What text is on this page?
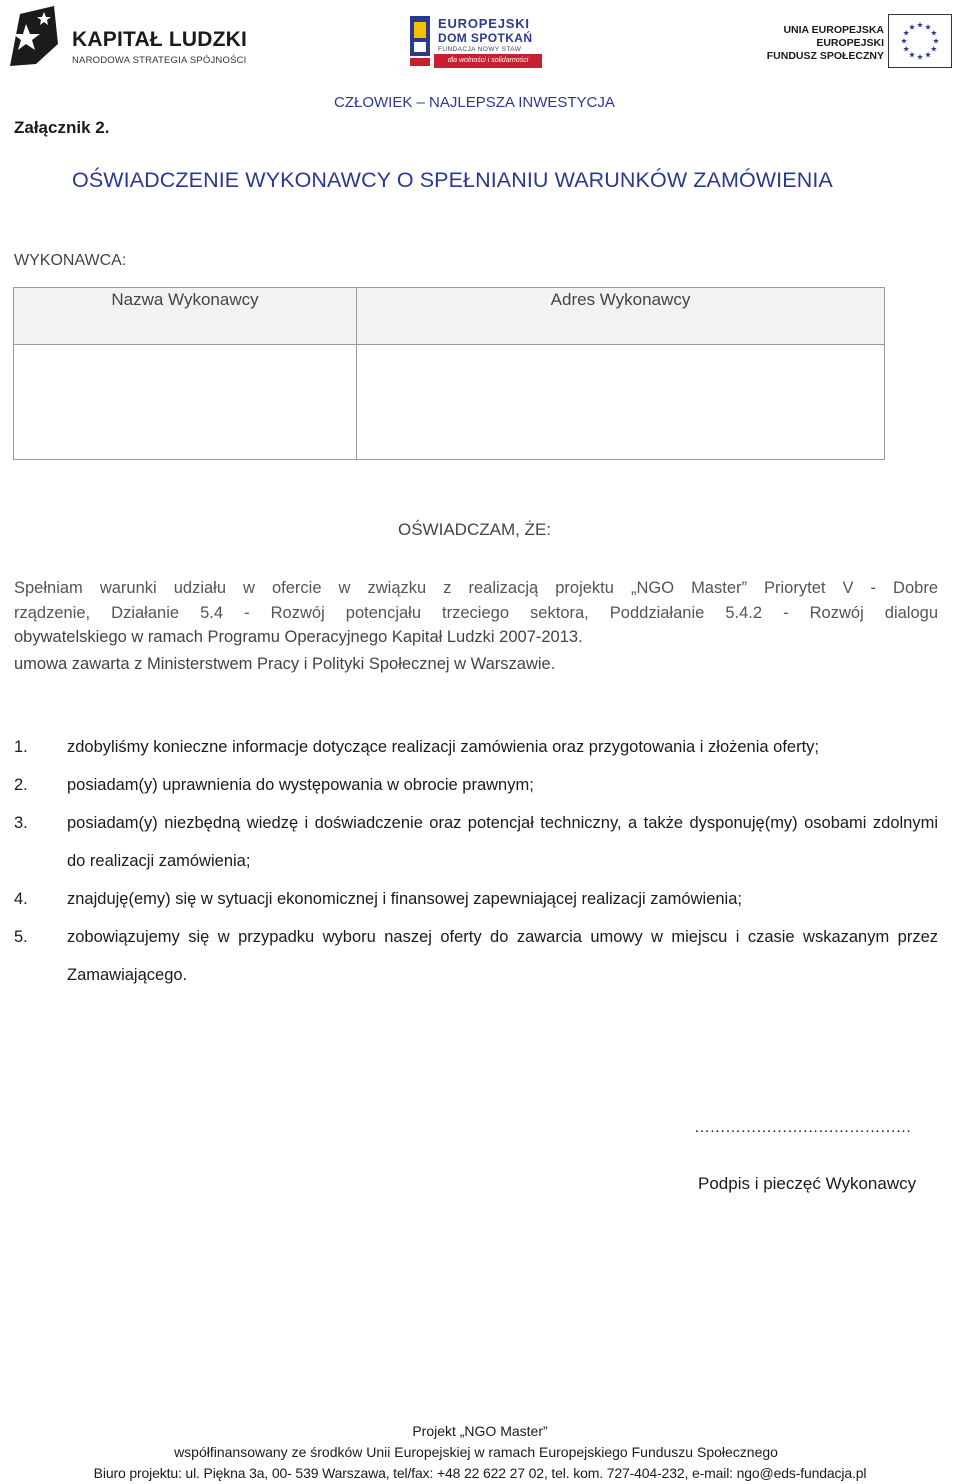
KAPITAŁ LUDZKI
NARODOWA STRATEGIA SPÓJNOŚCI
EUROPEJSKI
DOM SPOTKAŃ
FUNDACJA NOWY STAW
dla wolności i solidarności
UNIA EUROPEJSKA
EUROPEJSKI
FUNDUSZ SPOŁECZNY
Załącznik 2.
CZŁOWIEK – NAJLEPSZA INWESTYCJA
OŚWIADCZENIE WYKONAWCY O SPEŁNIANIU WARUNKÓW ZAMÓWIENIA
WYKONAWCA:
Nazwa Wykonawcy	Adres Wykonawcy
OŚWIADCZAM, ŻE:
Spełniam warunki udziału w ofercie w związku z realizacją projektu „NGO Master” Priorytet V - Dobre
rządzenie, Działanie 5.4 - Rozwój potencjału trzeciego sektora, Poddziałanie 5.4.2 - Rozwój dialogu
obywatelskiego w ramach Programu Operacyjnego Kapitał Ludzki 2007-2013.
umowa zawarta z Ministerstwem Pracy i Polityki Społecznej w Warszawie.
1. zdobyliśmy konieczne informacje dotyczące realizacji zamówienia oraz przygotowania i złożenia oferty;
2. posiadam(y) uprawnienia do występowania w obrocie prawnym;
3. posiadam(y) niezbędną wiedzę i doświadczenie oraz potencjał techniczny, a także dysponuję(my) osobami zdolnymi do realizacji zamówienia;
4. znajduję(emy) się w sytuacji ekonomicznej i finansowej zapewniającej realizacji zamówienia;
5. zobowiązujemy się w przypadku wyboru naszej oferty do zawarcia umowy w miejscu i czasie wskazanym przez Zamawiającego.
……………………………………
Podpis i pieczęć Wykonawcy
Projekt „NGO Master”
współfinansowany ze środków Unii Europejskiej w ramach Europejskiego Funduszu Społecznego
Biuro projektu: ul. Piękna 3a, 00- 539 Warszawa, tel/fax: +48 22 622 27 02, tel. kom. 727-404-232, e-mail: ngo@eds-fundacja.pl
